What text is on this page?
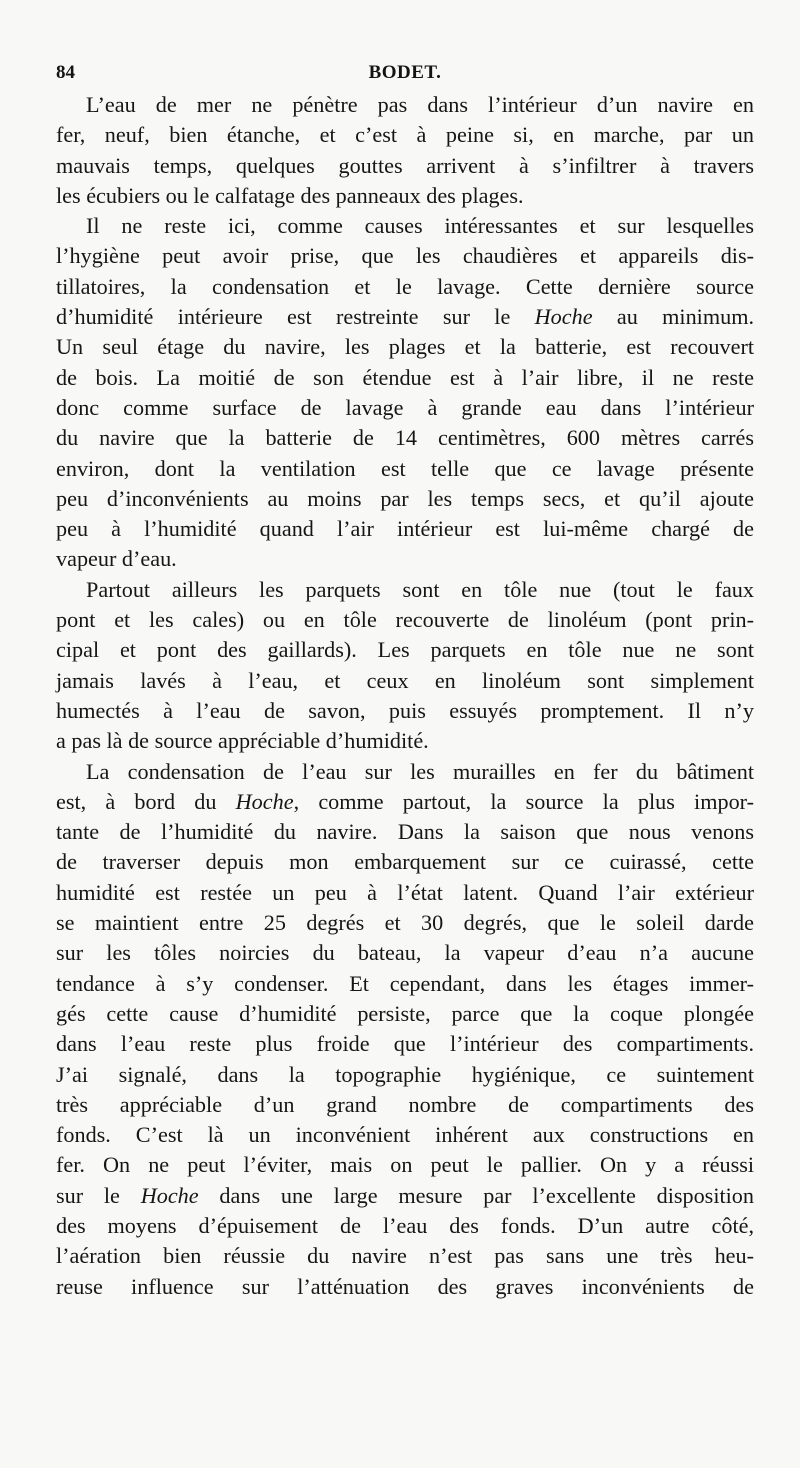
84	BODET.
L’eau de mer ne pénètre pas dans l’intérieur d’un navire en
fer, neuf, bien étanche, et c’est à peine si, en marche, par un
mauvais temps, quelques gouttes arrivent à s’infiltrer à travers
les écubiers ou le calfatage des panneaux des plages.
Il ne reste ici, comme causes intéressantes et sur lesquelles
l’hygiène peut avoir prise, que les chaudières et appareils dis-
tillatoires, la condensation et le lavage. Cette dernière source
d’humidité intérieure est restreinte sur le Hoche au minimum.
Un seul étage du navire, les plages et la batterie, est recouvert
de bois. La moitié de son étendue est à l’air libre, il ne reste
donc comme surface de lavage à grande eau dans l’intérieur
du navire que la batterie de 14 centimètres, 600 mètres carrés
environ, dont la ventilation est telle que ce lavage présente
peu d’inconvénients au moins par les temps secs, et qu’il ajoute
peu à l’humidité quand l’air intérieur est lui-même chargé de
vapeur d’eau.
Partout ailleurs les parquets sont en tôle nue (tout le faux
pont et les cales) ou en tôle recouverte de linoléum (pont prin-
cipal et pont des gaillards). Les parquets en tôle nue ne sont
jamais lavés à l’eau, et ceux en linoléum sont simplement
humectés à l’eau de savon, puis essuyés promptement. Il n’y
a pas là de source appréciable d’humidité.
La condensation de l’eau sur les murailles en fer du bâtiment
est, à bord du Hoche, comme partout, la source la plus impor-
tante de l’humidité du navire. Dans la saison que nous venons
de traverser depuis mon embarquement sur ce cuirassé, cette
humidité est restée un peu à l’état latent. Quand l’air extérieur
se maintient entre 25 degrés et 30 degrés, que le soleil darde
sur les tôles noircies du bateau, la vapeur d’eau n’a aucune
tendance à s’y condenser. Et cependant, dans les étages immer-
gés cette cause d’humidité persiste, parce que la coque plongée
dans l’eau reste plus froide que l’intérieur des compartiments.
J’ai signalé, dans la topographie hygiénique, ce suintement
très appréciable d’un grand nombre de compartiments des
fonds. C’est là un inconvénient inhérent aux constructions en
fer. On ne peut l’éviter, mais on peut le pallier. On y a réussi
sur le Hoche dans une large mesure par l’excellente disposition
des moyens d’épuisement de l’eau des fonds. D’un autre côté,
l’aération bien réussie du navire n’est pas sans une très heu-
reuse influence sur l’atténuation des graves inconvénients de
